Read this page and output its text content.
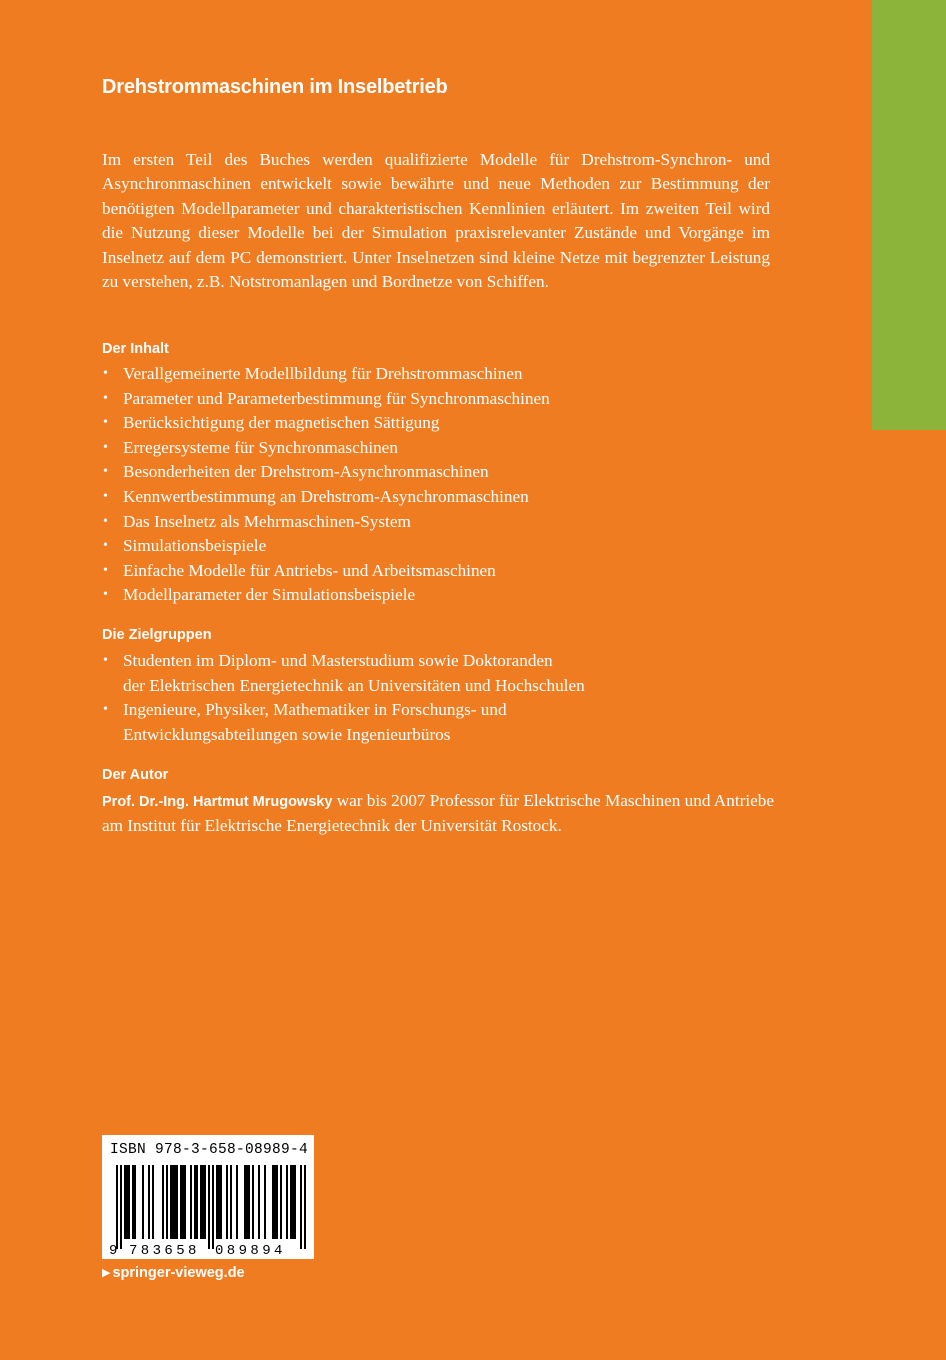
Drehstrommaschinen im Inselbetrieb
Im ersten Teil des Buches werden qualifizierte Modelle für Drehstrom-Synchron- und Asynchronmaschinen entwickelt sowie bewährte und neue Methoden zur Bestimmung der benötigten Modellparameter und charakteristischen Kennlinien erläutert. Im zweiten Teil wird die Nutzung dieser Modelle bei der Simulation praxisrelevanter Zustände und Vorgänge im Inselnetz auf dem PC demonstriert. Unter Inselnetzen sind kleine Netze mit begrenzter Leistung zu verstehen, z.B. Notstromanlagen und Bordnetze von Schiffen.
Der Inhalt
• Verallgemeinerte Modellbildung für Drehstrommaschinen
• Parameter und Parameterbestimmung für Synchronmaschinen
• Berücksichtigung der magnetischen Sättigung
• Erregersysteme für Synchronmaschinen
• Besonderheiten der Drehstrom-Asynchronmaschinen
• Kennwertbestimmung an Drehstrom-Asynchronmaschinen
• Das Inselnetz als Mehrmaschinen-System
• Simulationsbeispiele
• Einfache Modelle für Antriebs- und Arbeitsmaschinen
• Modellparameter der Simulationsbeispiele
Die Zielgruppen
• Studenten im Diplom- und Masterstudium sowie Doktoranden
der Elektrischen Energietechnik an Universitäten und Hochschulen
• Ingenieure, Physiker, Mathematiker in Forschungs- und
Entwicklungsabteilungen sowie Ingenieurbüros
Der Autor
Prof. Dr.-Ing. Hartmut Mrugowsky war bis 2007 Professor für Elektrische Maschinen und Antriebe am Institut für Elektrische Energietechnik der Universität Rostock.
ISBN 978-3-658-08989-4
9 783658 089894
▶ springer-vieweg.de
